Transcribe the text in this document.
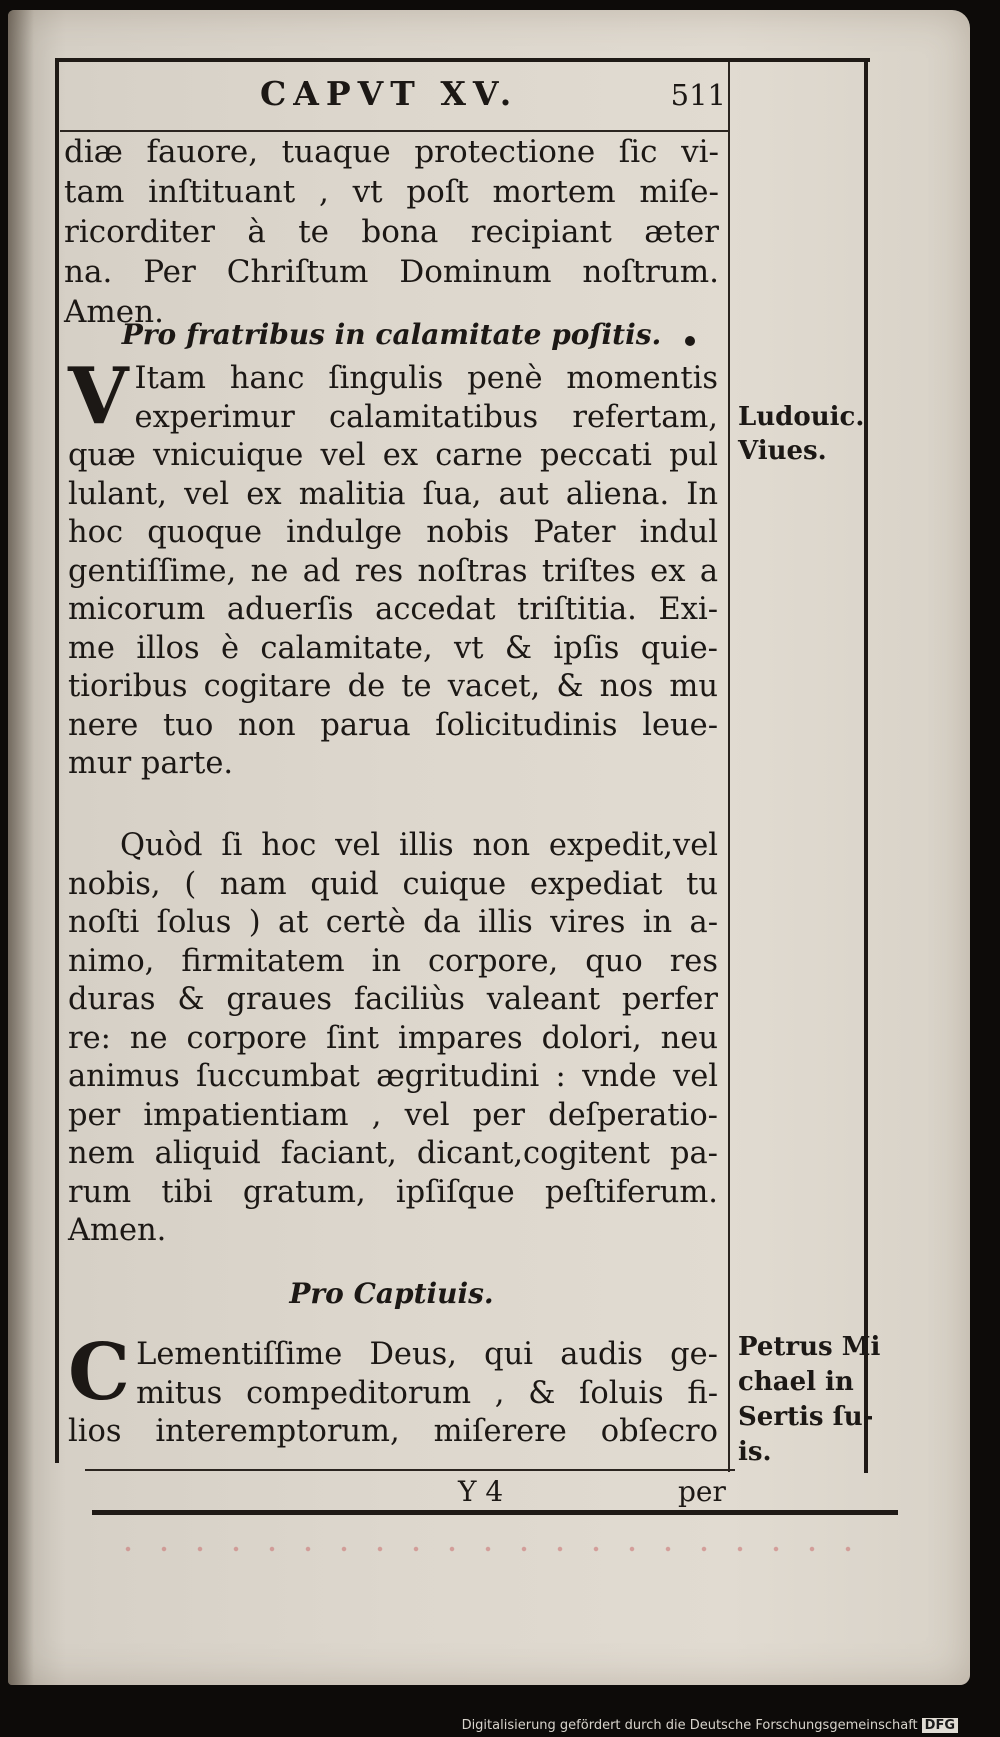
CAPVT XV.	511
diæ fauore, tuaque protectione ſic vi-
tam inſtituant , vt poſt mortem miſe-
ricorditer à te bona recipiant æter
na. Per Chriſtum Dominum noſtrum.
Amen.
Pro fratribus in calamitate poſitis.
V Itam hanc ſingulis penè momentis
experimur calamitatibus refertam,
quæ vnicuique vel ex carne peccati pul
lulant, vel ex malitia ſua, aut aliena. In
hoc quoque indulge nobis Pater indul
gentiſſime, ne ad res noſtras triſtes ex a
micorum aduerſis accedat triſtitia. Exi-
me illos è calamitate, vt & ipſis quie-
tioribus cogitare de te vacet, & nos mu
nere tuo non parua ſolicitudinis leue-
mur parte.
Quòd ſi hoc vel illis non expedit,vel
nobis, ( nam quid cuique expediat tu
noſti ſolus ) at certè da illis vires in a-
nimo, firmitatem in corpore, quo res
duras & graues faciliùs valeant perfer
re: ne corpore ſint impares dolori, neu
animus ſuccumbat ægritudini : vnde vel
per impatientiam , vel per deſperatio-
nem aliquid faciant, dicant,cogitent pa-
rum tibi gratum, ipſiſque peſtiferum.
Amen.
Ludouic.
Viues.
Pro Captiuis.
C Lementiſſime Deus, qui audis ge-
mitus compeditorum , & ſoluis fi-
lios interemptorum, miſerere obſecro
Petrus Mi
chael in
Sertis ſu-
is.
Y 4	per
Digitalisierung gefördert durch die Deutsche Forschungsgemeinschaft DFG
